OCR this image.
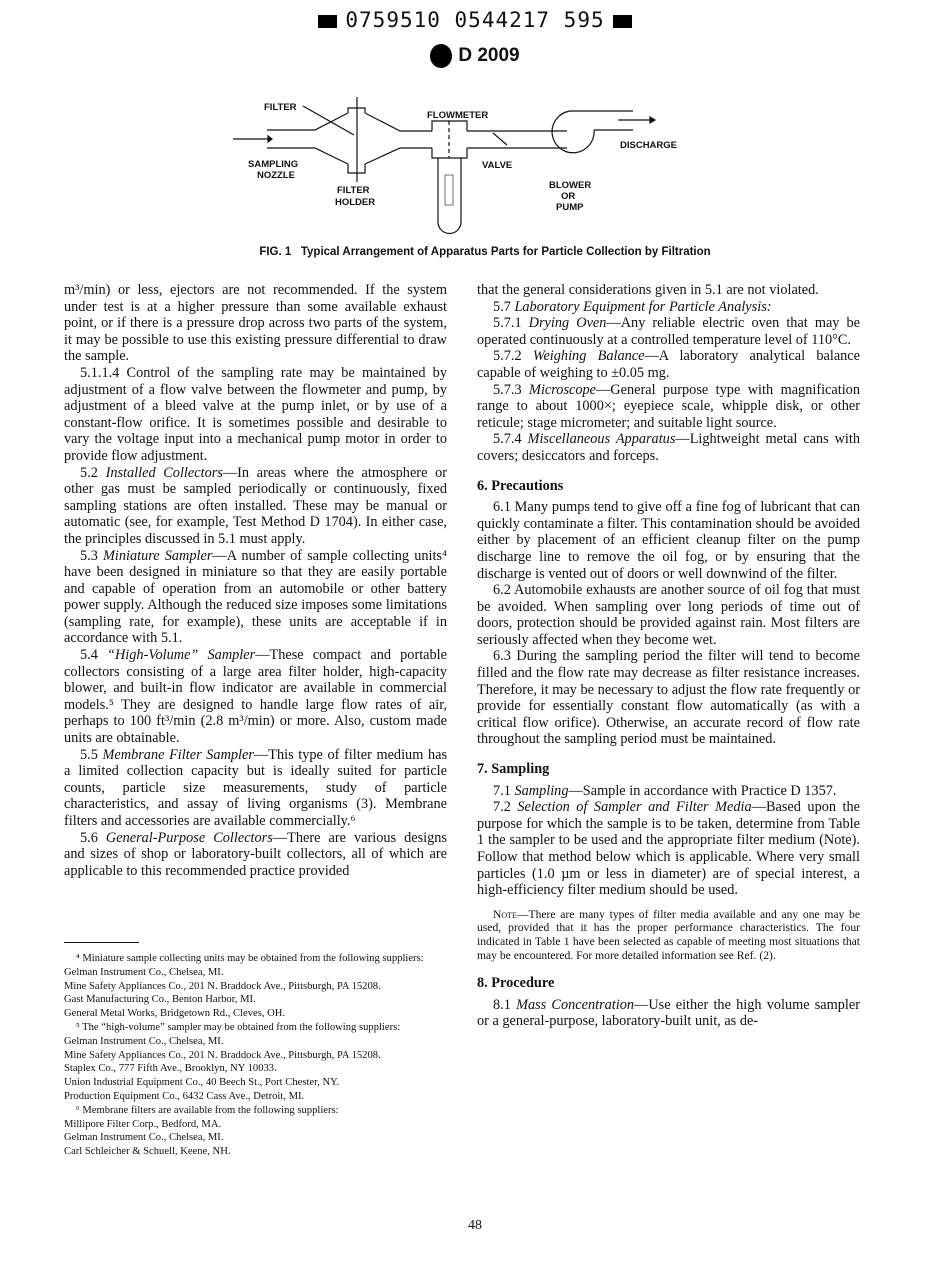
0759510 0544217 595
D 2009
FILTER
SAMPLING
NOZZLE
FILTER
HOLDER
FLOWMETER
VALVE
BLOWER
OR
PUMP
DISCHARGE
FIG. 1   Typical Arrangement of Apparatus Parts for Particle Collection by Filtration

m³/min) or less, ejectors are not recommended. If the system under test is at a higher pressure than some available exhaust point, or if there is a pressure drop across two parts of the system, it may be possible to use this existing pressure differential to draw the sample.

5.1.1.4 Control of the sampling rate may be maintained by adjustment of a flow valve between the flowmeter and pump, by adjustment of a bleed valve at the pump inlet, or by use of a constant-flow orifice. It is sometimes possible and desirable to vary the voltage input into a mechanical pump motor in order to provide flow adjustment.

5.2 Installed Collectors—In areas where the atmosphere or other gas must be sampled periodically or continuously, fixed sampling stations are often installed. These may be manual or automatic (see, for example, Test Method D 1704). In either case, the principles discussed in 5.1 must apply.

5.3 Miniature Sampler—A number of sample collecting units⁴ have been designed in miniature so that they are easily portable and capable of operation from an automobile or other battery power supply. Although the reduced size imposes some limitations (sampling rate, for example), these units are acceptable if in accordance with 5.1.

5.4 “High-Volume” Sampler—These compact and portable collectors consisting of a large area filter holder, high-capacity blower, and built-in flow indicator are available in commercial models.⁵ They are designed to handle large flow rates of air, perhaps to 100 ft³/min (2.8 m³/min) or more. Also, custom made units are obtainable.

5.5 Membrane Filter Sampler—This type of filter medium has a limited collection capacity but is ideally suited for particle counts, particle size measurements, study of particle characteristics, and assay of living organisms (3). Membrane filters and accessories are available commercially.⁶

5.6 General-Purpose Collectors—There are various designs and sizes of shop or laboratory-built collectors, all of which are applicable to this recommended practice provided

⁴ Miniature sample collecting units may be obtained from the following suppliers:
Gelman Instrument Co., Chelsea, MI.
Mine Safety Appliances Co., 201 N. Braddock Ave., Pittsburgh, PA 15208.
Gast Manufacturing Co., Benton Harbor, MI.
General Metal Works, Bridgetown Rd., Cleves, OH.
⁵ The “high-volume” sampler may be obtained from the following suppliers:
Gelman Instrument Co., Chelsea, MI.
Mine Safety Appliances Co., 201 N. Braddock Ave., Pittsburgh, PA 15208.
Staplex Co., 777 Fifth Ave., Brooklyn, NY 10033.
Union Industrial Equipment Co., 40 Beech St., Port Chester, NY.
Production Equipment Co., 6432 Cass Ave., Detroit, MI.
⁶ Membrane filters are available from the following suppliers:
Millipore Filter Corp., Bedford, MA.
Gelman Instrument Co., Chelsea, MI.
Carl Schleicher & Schuell, Keene, NH.

that the general considerations given in 5.1 are not violated.

5.7 Laboratory Equipment for Particle Analysis:

5.7.1 Drying Oven—Any reliable electric oven that may be operated continuously at a controlled temperature level of 110°C.

5.7.2 Weighing Balance—A laboratory analytical balance capable of weighing to ±0.05 mg.

5.7.3 Microscope—General purpose type with magnification range to about 1000×; eyepiece scale, whipple disk, or other reticule; stage micrometer; and suitable light source.

5.7.4 Miscellaneous Apparatus—Lightweight metal cans with covers; desiccators and forceps.

6. Precautions

6.1 Many pumps tend to give off a fine fog of lubricant that can quickly contaminate a filter. This contamination should be avoided either by placement of an efficient cleanup filter on the pump discharge line to remove the oil fog, or by ensuring that the discharge is vented out of doors or well downwind of the filter.

6.2 Automobile exhausts are another source of oil fog that must be avoided. When sampling over long periods of time out of doors, protection should be provided against rain. Most filters are seriously affected when they become wet.

6.3 During the sampling period the filter will tend to become filled and the flow rate may decrease as filter resistance increases. Therefore, it may be necessary to adjust the flow rate frequently or provide for essentially constant flow automatically (as with a critical flow orifice). Otherwise, an accurate record of flow rate throughout the sampling period must be maintained.

7. Sampling

7.1 Sampling—Sample in accordance with Practice D 1357.

7.2 Selection of Sampler and Filter Media—Based upon the purpose for which the sample is to be taken, determine from Table 1 the sampler to be used and the appropriate filter medium (Note). Follow that method below which is applicable. Where very small particles (1.0 µm or less in diameter) are of special interest, a high-efficiency filter medium should be used.

Note—There are many types of filter media available and any one may be used, provided that it has the proper performance characteristics. The four indicated in Table 1 have been selected as capable of meeting most situations that may be encountered. For more detailed information see Ref. (2).

8. Procedure

8.1 Mass Concentration—Use either the high volume sampler or a general-purpose, laboratory-built unit, as de-

48
